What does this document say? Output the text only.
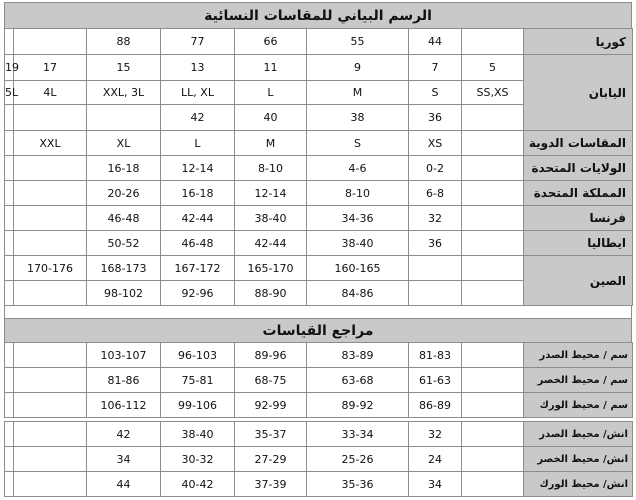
الرسم البياني للمقاسات النسائية
		88	77	66	55	44		كوريا
19	17	15	13	11	9	7	5	اليابان
5L	4L	XXL, 3L	LL, XL	L	M	S	SS,XS	
			42	40	38	36		
	XXL	XL	L	M	S	XS		المقاسات الدوية
		16-18	12-14	8-10	4-6	0-2		الولايات المتحدة
		20-26	16-18	12-14	8-10	6-8		المملكة المتحدة
		46-48	42-44	38-40	34-36	32		فرنسا
		50-52	46-48	42-44	38-40	36		ايطاليا
	170-176	168-173	167-172	165-170	160-165			الصين
		98-102	92-96	88-90	84-86			
مراجع القياسات
		103-107	96-103	89-96	83-89	81-83		سم / محيط الصدر
		81-86	75-81	68-75	63-68	61-63		سم / محيط الخصر
		106-112	99-106	92-99	89-92	86-89		سم / محيط الورك
		42	38-40	35-37	33-34	32		انش/ محيط الصدر
		34	30-32	27-29	25-26	24		انش/ محيط الخصر
		44	40-42	37-39	35-36	34		انش/ محيط الورك
